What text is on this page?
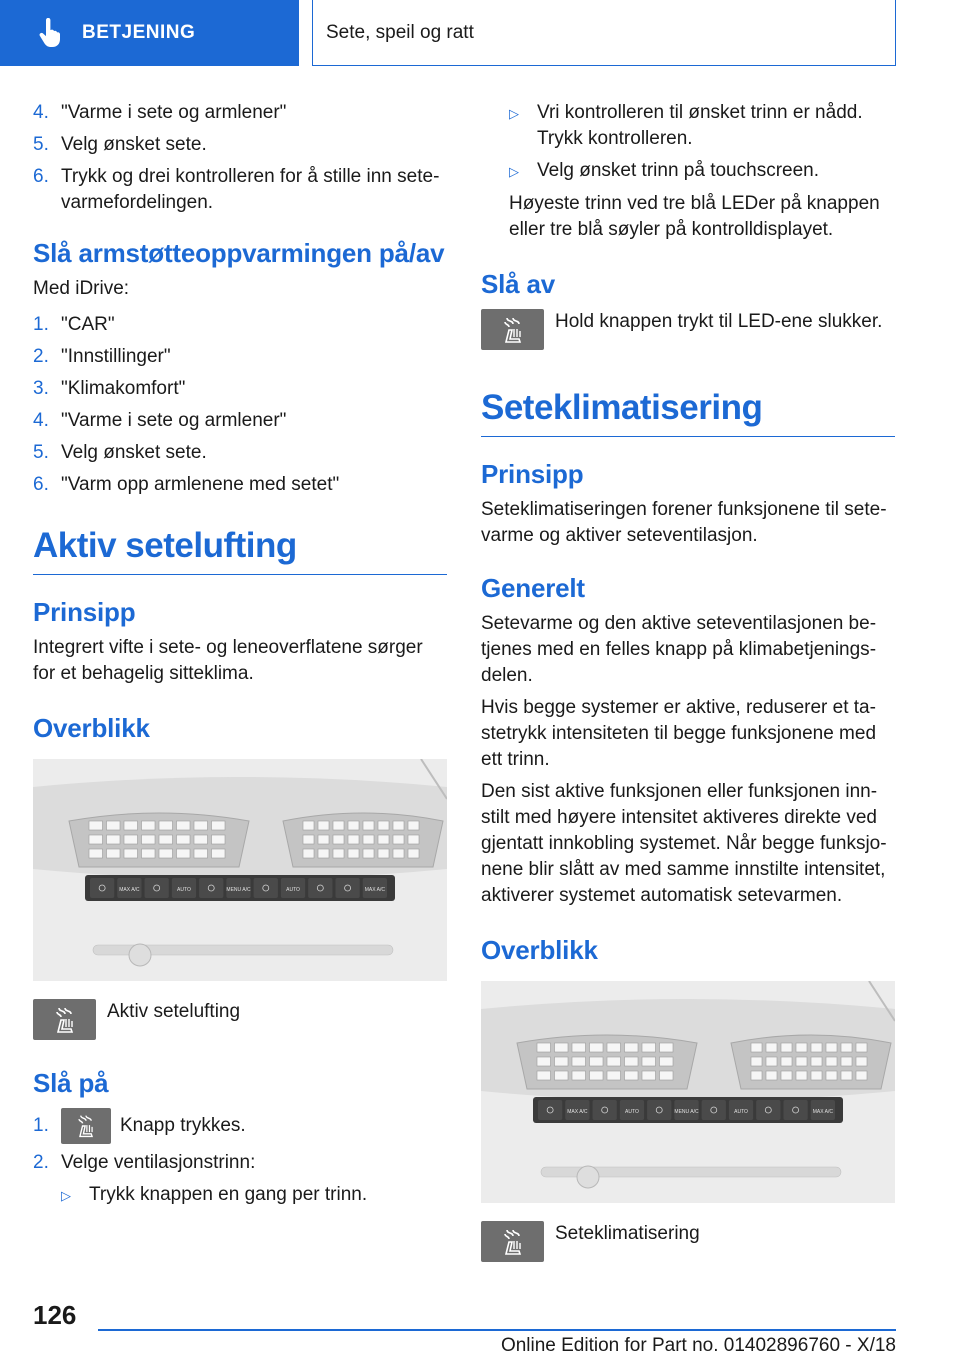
BETJENING	Sete, speil og ratt
4. "Varme i sete og armlener"
5. Velg ønsket sete.
6. Trykk og drei kontrolleren for å stille inn setevarmefordelingen.
Slå armstøtteoppvarmingen på/av
Med iDrive:
1. "CAR"
2. "Innstillinger"
3. "Klimakomfort"
4. "Varme i sete og armlener"
5. Velg ønsket sete.
6. "Varm opp armlenene med setet"
Aktiv setelufting
Prinsipp
Integrert vifte i sete- og leneoverflatene sørger for et behagelig sitteklima.
Overblikk
MAX A/C	AUTO	MENU A/C	AUTO	MAX A/C
Aktiv setelufting
Slå på
1.	Knapp trykkes.
2. Velge ventilasjonstrinn:
▷ Trykk knappen en gang per trinn.
▷ Vri kontrolleren til ønsket trinn er nådd. Trykk kontrolleren.
▷ Velg ønsket trinn på touchscreen.
Høyeste trinn ved tre blå LEDer på knappen eller tre blå søyler på kontrolldisplayet.
Slå av
Hold knappen trykt til LED-ene slukker.
Seteklimatisering
Prinsipp
Seteklimatiseringen forener funksjonene til setevarme og aktiver seteventilasjon.
Generelt
Setevarme og den aktive seteventilasjonen betjenes med en felles knapp på klimabetjeningsdelen.
Hvis begge systemer er aktive, reduserer et tastetrykk intensiteten til begge funksjonene med ett trinn.
Den sist aktive funksjonen eller funksjonen innstilt med høyere intensitet aktiveres direkte ved gjentatt innkobling systemet. Når begge funksjonene blir slått av med samme innstilte intensitet, aktiverer systemet automatisk setevarmen.
Overblikk
MAX A/C	AUTO	MENU A/C	AUTO	MAX A/C
Seteklimatisering
126
Online Edition for Part no. 01402896760 - X/18
